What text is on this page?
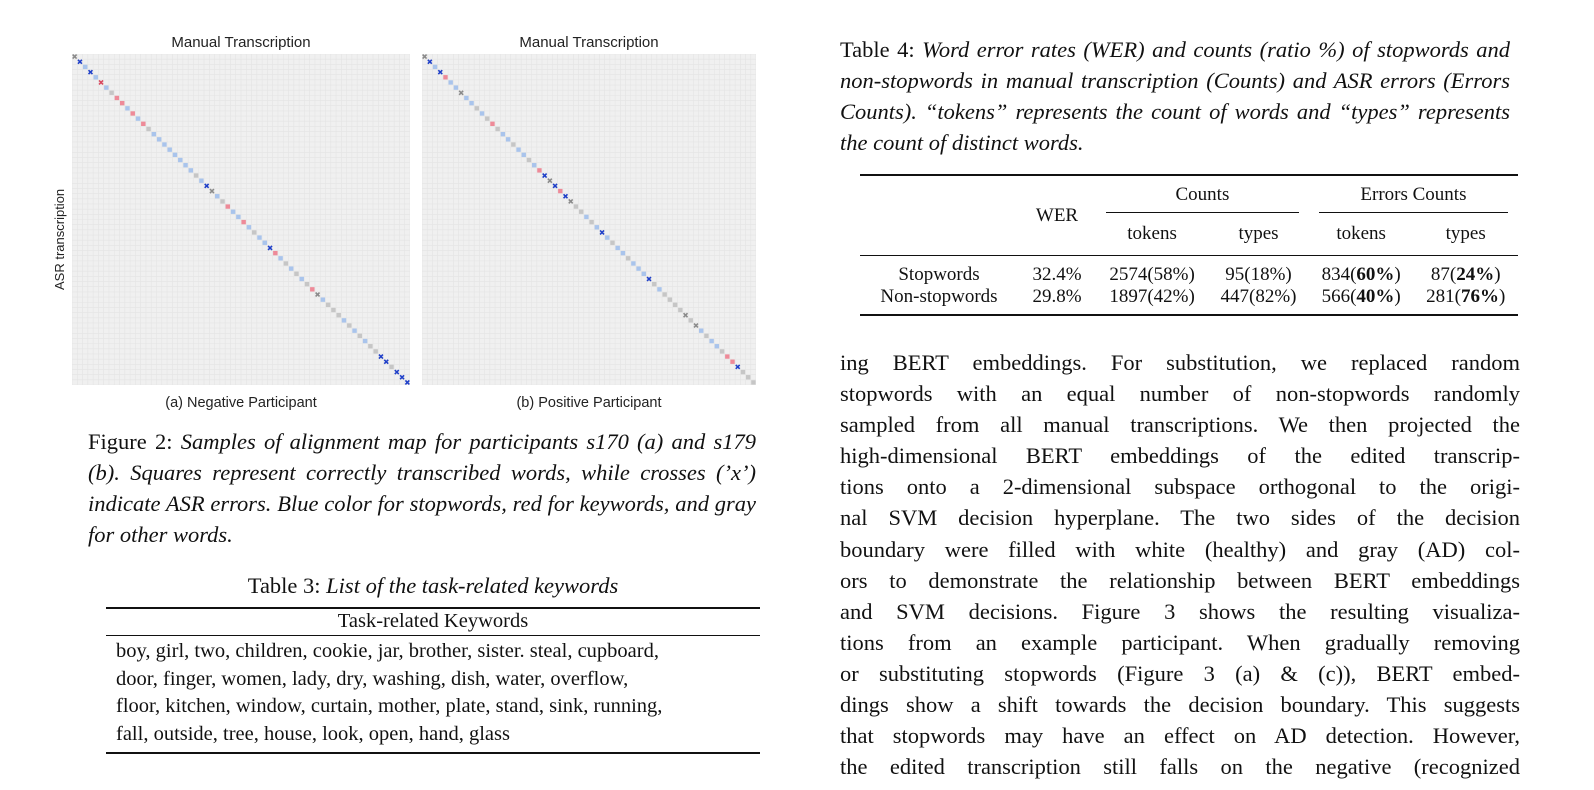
Manual Transcription	Manual Transcription
ASR transcription
(a) Negative Participant	(b) Positive Participant
Figure 2: Samples of alignment map for participants s170 (a) and s179 (b). Squares represent correctly transcribed words, while crosses (’x’) indicate ASR errors. Blue color for stopwords, red for keywords, and gray for other words.
Table 3: List of the task-related keywords
Task-related Keywords

boy, girl, two, children, cookie, jar, brother, sister. steal, cupboard,
door, finger, women, lady, dry, washing, dish, water, overflow,
floor, kitchen, window, curtain, mother, plate, stand, sink, running,
fall, outside, tree, house, look, open, hand, glass
Table 4: Word error rates (WER) and counts (ratio %) of stopwords and non-stopwords in manual transcription (Counts) and ASR errors (Errors Counts). “tokens” represents the count of words and “types” represents the count of distinct words.
	WER	Counts		Errors Counts	

		tokens	types	tokens	types
Stopwords	32.4%	2574(58%)	95(18%)	834(60%)	87(24%)
Non-stopwords	29.8%	1897(42%)	447(82%)	566(40%)	281(76%)

ing BERT embeddings. For substitution, we replaced random

stopwords with an equal number of non-stopwords randomly

sampled from all manual transcriptions. We then projected the

high-dimensional BERT embeddings of the edited transcrip-

tions onto a 2-dimensional subspace orthogonal to the origi-

nal SVM decision hyperplane. The two sides of the decision

boundary were filled with white (healthy) and gray (AD) col-

ors to demonstrate the relationship between BERT embeddings

and SVM decisions. Figure 3 shows the resulting visualiza-

tions from an example participant. When gradually removing

or substituting stopwords (Figure 3 (a) & (c)), BERT embed-

dings show a shift towards the decision boundary. This suggests

that stopwords may have an effect on AD detection. However,

the edited transcription still falls on the negative (recognized
